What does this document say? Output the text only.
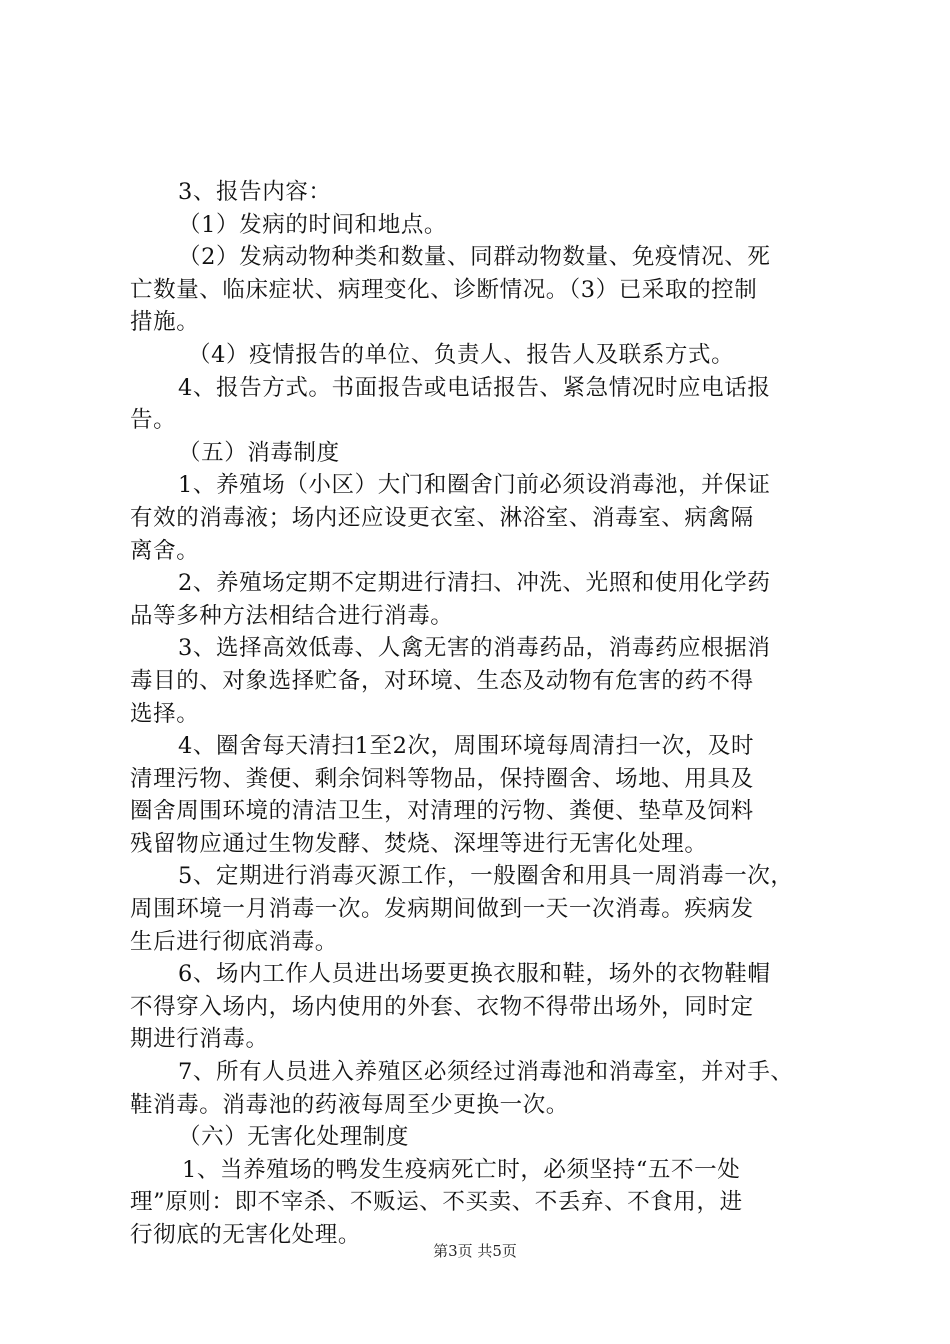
3、报告内容：
（1）发病的时间和地点。
（2）发病动物种类和数量、同群动物数量、免疫情况、死
亡数量、临床症状、病理变化、诊断情况。（3）已采取的控制
措施。
（4）疫情报告的单位、负责人、报告人及联系方式。
4、报告方式。书面报告或电话报告、紧急情况时应电话报
告。
（五）消毒制度
1、养殖场（小区）大门和圈舍门前必须设消毒池，并保证
有效的消毒液；场内还应设更衣室、淋浴室、消毒室、病禽隔
离舍。
2、养殖场定期不定期进行清扫、冲洗、光照和使用化学药
品等多种方法相结合进行消毒。
3、选择高效低毒、人禽无害的消毒药品，消毒药应根据消
毒目的、对象选择贮备，对环境、生态及动物有危害的药不得
选择。
4、圈舍每天清扫1至2次，周围环境每周清扫一次，及时
清理污物、粪便、剩余饲料等物品，保持圈舍、场地、用具及
圈舍周围环境的清洁卫生，对清理的污物、粪便、垫草及饲料
残留物应通过生物发酵、焚烧、深埋等进行无害化处理。
5、定期进行消毒灭源工作，一般圈舍和用具一周消毒一次，
周围环境一月消毒一次。发病期间做到一天一次消毒。疾病发
生后进行彻底消毒。
6、场内工作人员进出场要更换衣服和鞋，场外的衣物鞋帽
不得穿入场内，场内使用的外套、衣物不得带出场外，同时定
期进行消毒。
7、所有人员进入养殖区必须经过消毒池和消毒室，并对手、
鞋消毒。消毒池的药液每周至少更换一次。
（六）无害化处理制度
1、当养殖场的鸭发生疫病死亡时，必须坚持“五不一处
理”原则：即不宰杀、不贩运、不买卖、不丢弃、不食用，进
行彻底的无害化处理。
第3页 共5页
